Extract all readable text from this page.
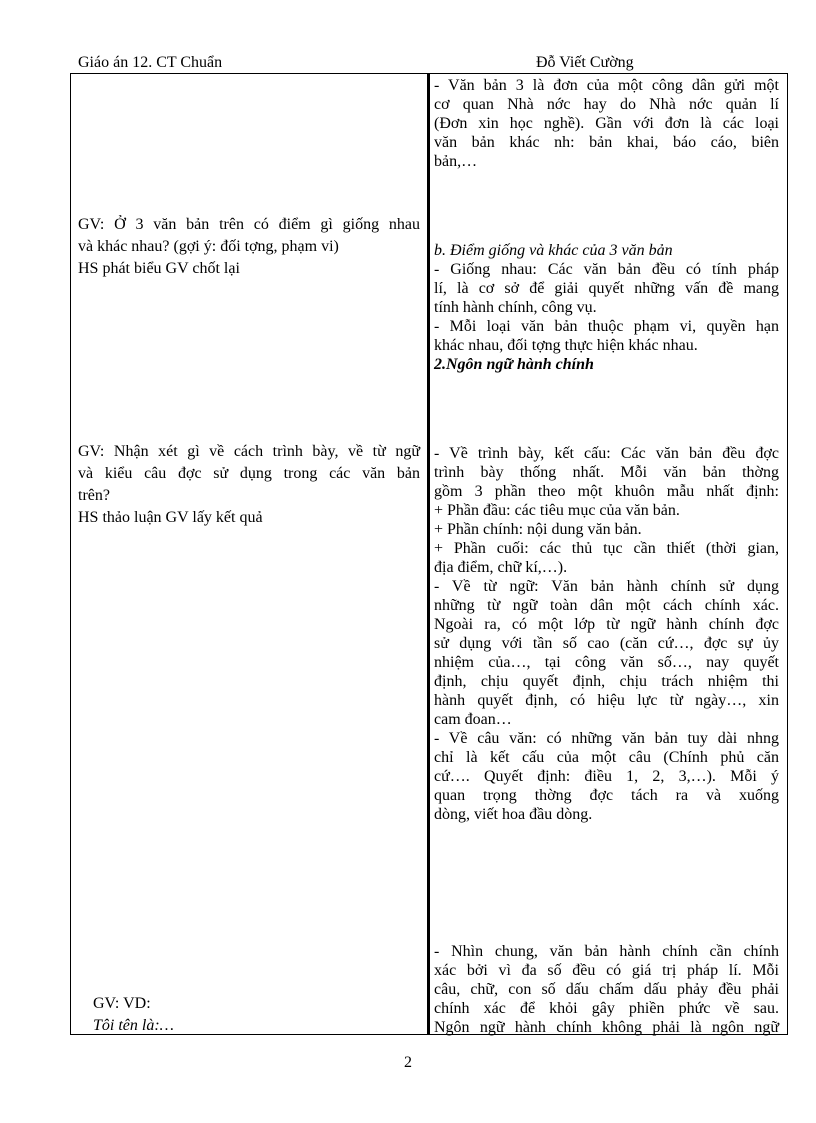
Giáo án 12. CT Chuẩn	Đỗ Viết Cường

- Văn bản 3 là đơn của một công dân gửi một

cơ quan Nhà nớc hay do Nhà nớc quản lí

(Đơn xin học nghề). Gần với đơn là các loại

văn bản khác nh: bản khai, báo cáo, biên

bản,…

b. Điểm giống và khác của 3 văn bản

- Giống nhau: Các văn bản đều có tính pháp

lí, là cơ sở để giải quyết những vấn đề mang

tính hành chính, công vụ.

- Mỗi loại văn bản thuộc phạm vi, quyền hạn

khác nhau, đối tợng thực hiện khác nhau.

2.Ngôn ngữ hành chính

- Về trình bày, kết cấu: Các văn bản đều đợc

trình bày thống nhất. Mỗi văn bản thờng

gồm 3 phần theo một khuôn mẫu nhất định:

+ Phần đầu: các tiêu mục của văn bản.

+ Phần chính: nội dung văn bản.

+ Phần cuối: các thủ tục cần thiết (thời gian,

địa điểm, chữ kí,…).

- Về từ ngữ: Văn bản hành chính sử dụng

những từ ngữ toàn dân một cách chính xác.

Ngoài ra, có một lớp từ ngữ hành chính đợc

sử dụng với tần số cao (căn cứ…, đợc sự ủy

nhiệm của…, tại công văn số…, nay quyết

định, chịu quyết định, chịu trách nhiệm thi

hành quyết định, có hiệu lực từ ngày…, xin

cam đoan…

- Về câu văn: có những văn bản tuy dài nhng

chỉ là kết cấu của một câu (Chính phủ căn

cứ…. Quyết định: điều 1, 2, 3,…). Mỗi ý

quan trọng thờng đợc tách ra và xuống

dòng, viết hoa đầu dòng.

- Nhìn chung, văn bản hành chính cần chính

xác bởi vì đa số đều có giá trị pháp lí. Mỗi

câu, chữ, con số dấu chấm dấu phảy đều phải

chính xác để khỏi gây phiền phức về sau.

Ngôn ngữ hành chính không phải là ngôn ngữ

GV: Ở 3 văn bản trên có điểm gì giống nhau

và khác nhau? (gợi ý: đối tợng, phạm vi)

HS phát biểu GV chốt lại

GV: Nhận xét gì về cách trình bày, về từ ngữ

và kiểu câu đợc sử dụng trong các văn bản

trên?

HS thảo luận GV lấy kết quả

GV: VD:

Tôi tên là:…

2
